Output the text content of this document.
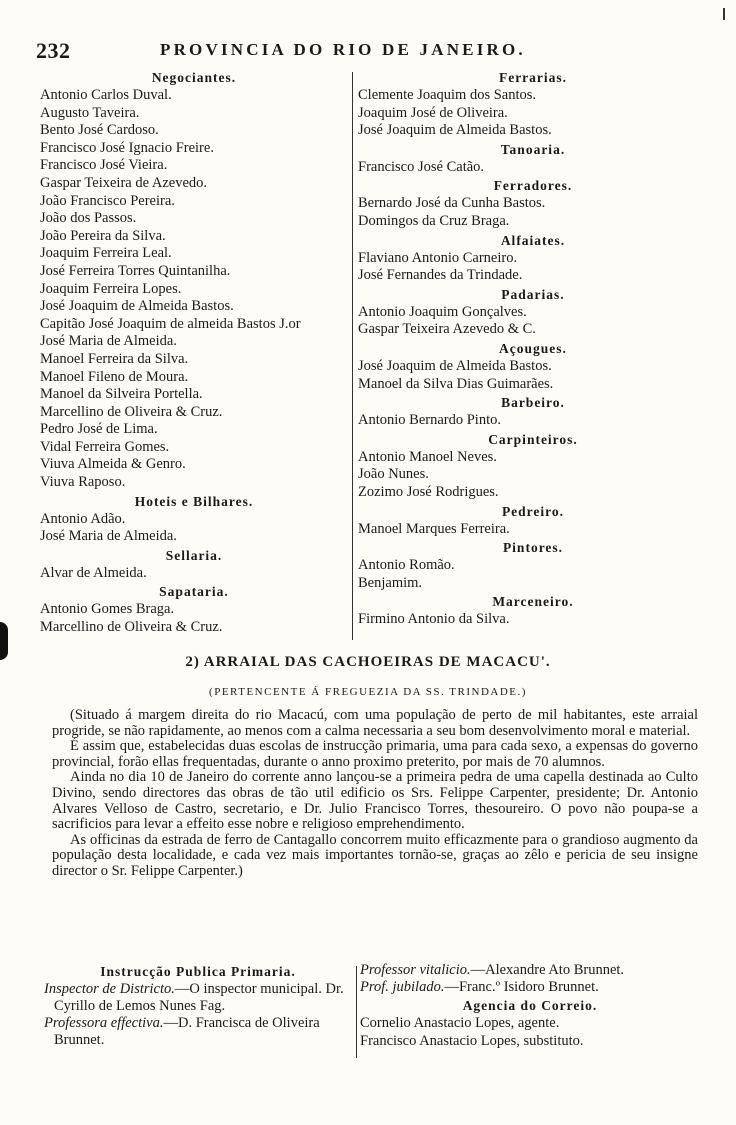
232	PROVINCIA DO RIO DE JANEIRO.
Negociantes.
Antonio Carlos Duval.
Augusto Taveira.
Bento José Cardoso.
Francisco José Ignacio Freire.
Francisco José Vieira.
Gaspar Teixeira de Azevedo.
João Francisco Pereira.
João dos Passos.
João Pereira da Silva.
Joaquim Ferreira Leal.
José Ferreira Torres Quintanilha.
Joaquim Ferreira Lopes.
José Joaquim de Almeida Bastos.
Capitão José Joaquim de almeida Bastos J.or
José Maria de Almeida.
Manoel Ferreira da Silva.
Manoel Fileno de Moura.
Manoel da Silveira Portella.
Marcellino de Oliveira & Cruz.
Pedro José de Lima.
Vidal Ferreira Gomes.
Viuva Almeida & Genro.
Viuva Raposo.
Hoteis e Bilhares.
Antonio Adão.
José Maria de Almeida.
Sellaria.
Alvar de Almeida.
Sapataria.
Antonio Gomes Braga.
Marcellino de Oliveira & Cruz.
Ferrarias.
Clemente Joaquim dos Santos.
Joaquim José de Oliveira.
José Joaquim de Almeida Bastos.
Tanoaria.
Francisco José Catão.
Ferradores.
Bernardo José da Cunha Bastos.
Domingos da Cruz Braga.
Alfaiates.
Flaviano Antonio Carneiro.
José Fernandes da Trindade.
Padarias.
Antonio Joaquim Gonçalves.
Gaspar Teixeira Azevedo & C.
Açougues.
José Joaquim de Almeida Bastos.
Manoel da Silva Dias Guimarães.
Barbeiro.
Antonio Bernardo Pinto.
Carpinteiros.
Antonio Manoel Neves.
João Nunes.
Zozimo José Rodrigues.
Pedreiro.
Manoel Marques Ferreira.
Pintores.
Antonio Romão.
Benjamim.
Marceneiro.
Firmino Antonio da Silva.
2) ARRAIAL DAS CACHOEIRAS DE MACACU'.
(PERTENCENTE Á FREGUEZIA DA SS. TRINDADE.)

(Situado á margem direita do rio Macacú, com uma população de perto de mil habitantes, este arraial progride, se não rapidamente, ao menos com a calma necessaria a seu bom desenvolvimento moral e material.

É assim que, estabelecidas duas escolas de instrucção primaria, uma para cada sexo, a expensas do governo provincial, forão ellas frequentadas, durante o anno proximo preterito, por mais de 70 alumnos.

Ainda no dia 10 de Janeiro do corrente anno lançou-se a primeira pedra de uma capella destinada ao Culto Divino, sendo directores das obras de tão util edificio os Srs. Felippe Carpenter, presidente; Dr. Antonio Alvares Velloso de Castro, secretario, e Dr. Julio Francisco Torres, thesoureiro. O povo não poupa-se a sacrificios para levar a effeito esse nobre e religioso emprehendimento.

As officinas da estrada de ferro de Cantagallo concorrem muito efficazmente para o grandioso augmento da população desta localidade, e cada vez mais importantes tornão-se, graças ao zêlo e pericia de seu insigne director o Sr. Felippe Carpenter.)

Instrucção Publica Primaria.
Inspector de Districto.—O inspector municipal. Dr. Cyrillo de Lemos Nunes Fag.
Professora effectiva.—D. Francisca de Oliveira Brunnet.
Professor vitalicio.—Alexandre Ato Brunnet.
Prof. jubilado.—Franc.º Isidoro Brunnet.
Agencia do Correio.
Cornelio Anastacio Lopes, agente.
Francisco Anastacio Lopes, substituto.
